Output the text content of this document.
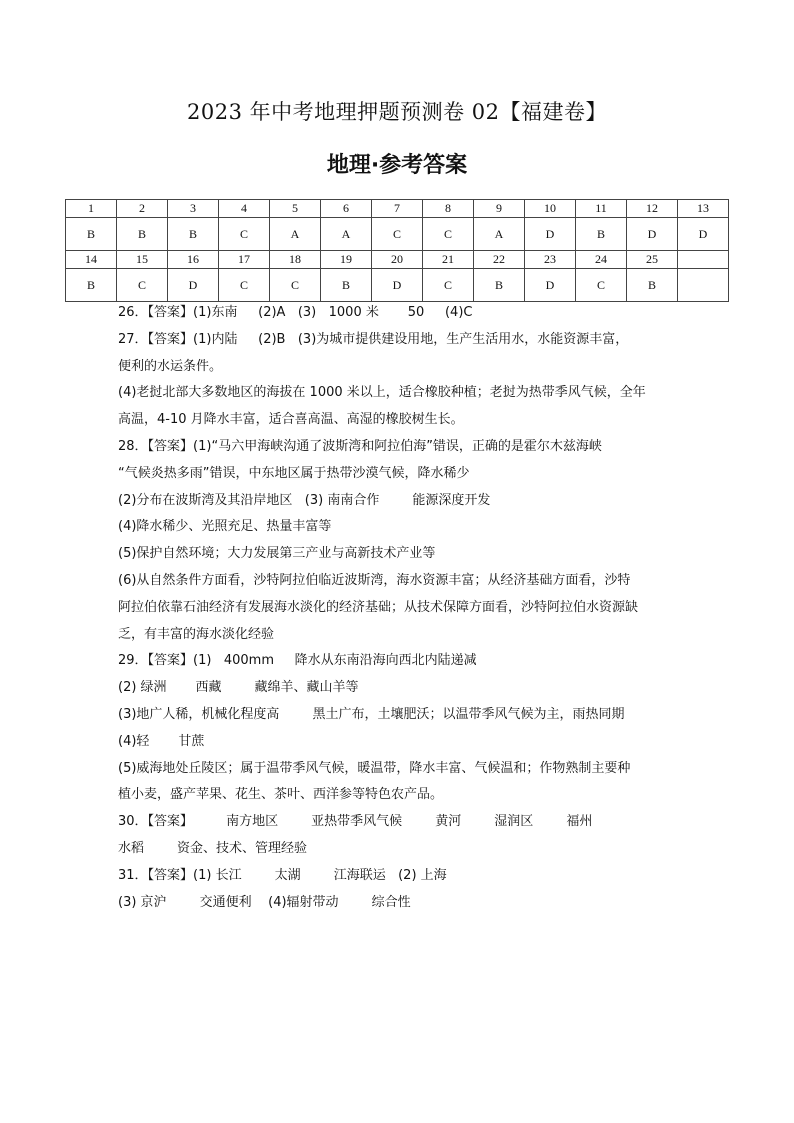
2023 年中考地理押题预测卷 02【福建卷】
地理·参考答案
1	2	3	4	5	6	7	8	9	10	11	12	13
B	B	B	C	A	A	C	C	A	D	B	D	D
14	15	16	17	18	19	20	21	22	23	24	25	
B	C	D	C	C	B	D	C	B	D	C	B	

26．【答案】(1)东南     (2)A   (3)   1000 米       50     (4)C

27．【答案】(1)内陆     (2)B   (3)为城市提供建设用地，生产生活用水，水能资源丰富，

便利的水运条件。

(4)老挝北部大多数地区的海拔在 1000 米以上，适合橡胶种植；老挝为热带季风气候，全年

高温，4-10 月降水丰富，适合喜高温、高湿的橡胶树生长。

28．【答案】(1)“马六甲海峡沟通了波斯湾和阿拉伯海”错误，正确的是霍尔木兹海峡

“气候炎热多雨”错误，中东地区属于热带沙漠气候，降水稀少

(2)分布在波斯湾及其沿岸地区   (3) 南南合作        能源深度开发

(4)降水稀少、光照充足、热量丰富等

(5)保护自然环境；大力发展第三产业与高新技术产业等

(6)从自然条件方面看，沙特阿拉伯临近波斯湾，海水资源丰富；从经济基础方面看，沙特

阿拉伯依靠石油经济有发展海水淡化的经济基础；从技术保障方面看，沙特阿拉伯水资源缺

乏，有丰富的海水淡化经验

29．【答案】(1)   400mm     降水从东南沿海向西北内陆递减

(2) 绿洲       西藏        藏绵羊、藏山羊等

(3)地广人稀，机械化程度高        黑土广布，土壤肥沃；以温带季风气候为主，雨热同期

(4)轻       甘蔗

(5)威海地处丘陵区；属于温带季风气候，暖温带，降水丰富、气候温和；作物熟制主要种

植小麦，盛产苹果、花生、茶叶、西洋参等特色农产品。

30．【答案】        南方地区        亚热带季风气候        黄河        湿润区        福州

水稻        资金、技术、管理经验

31．【答案】(1) 长江        太湖        江海联运   (2) 上海

(3) 京沪        交通便利    (4)辐射带动        综合性
